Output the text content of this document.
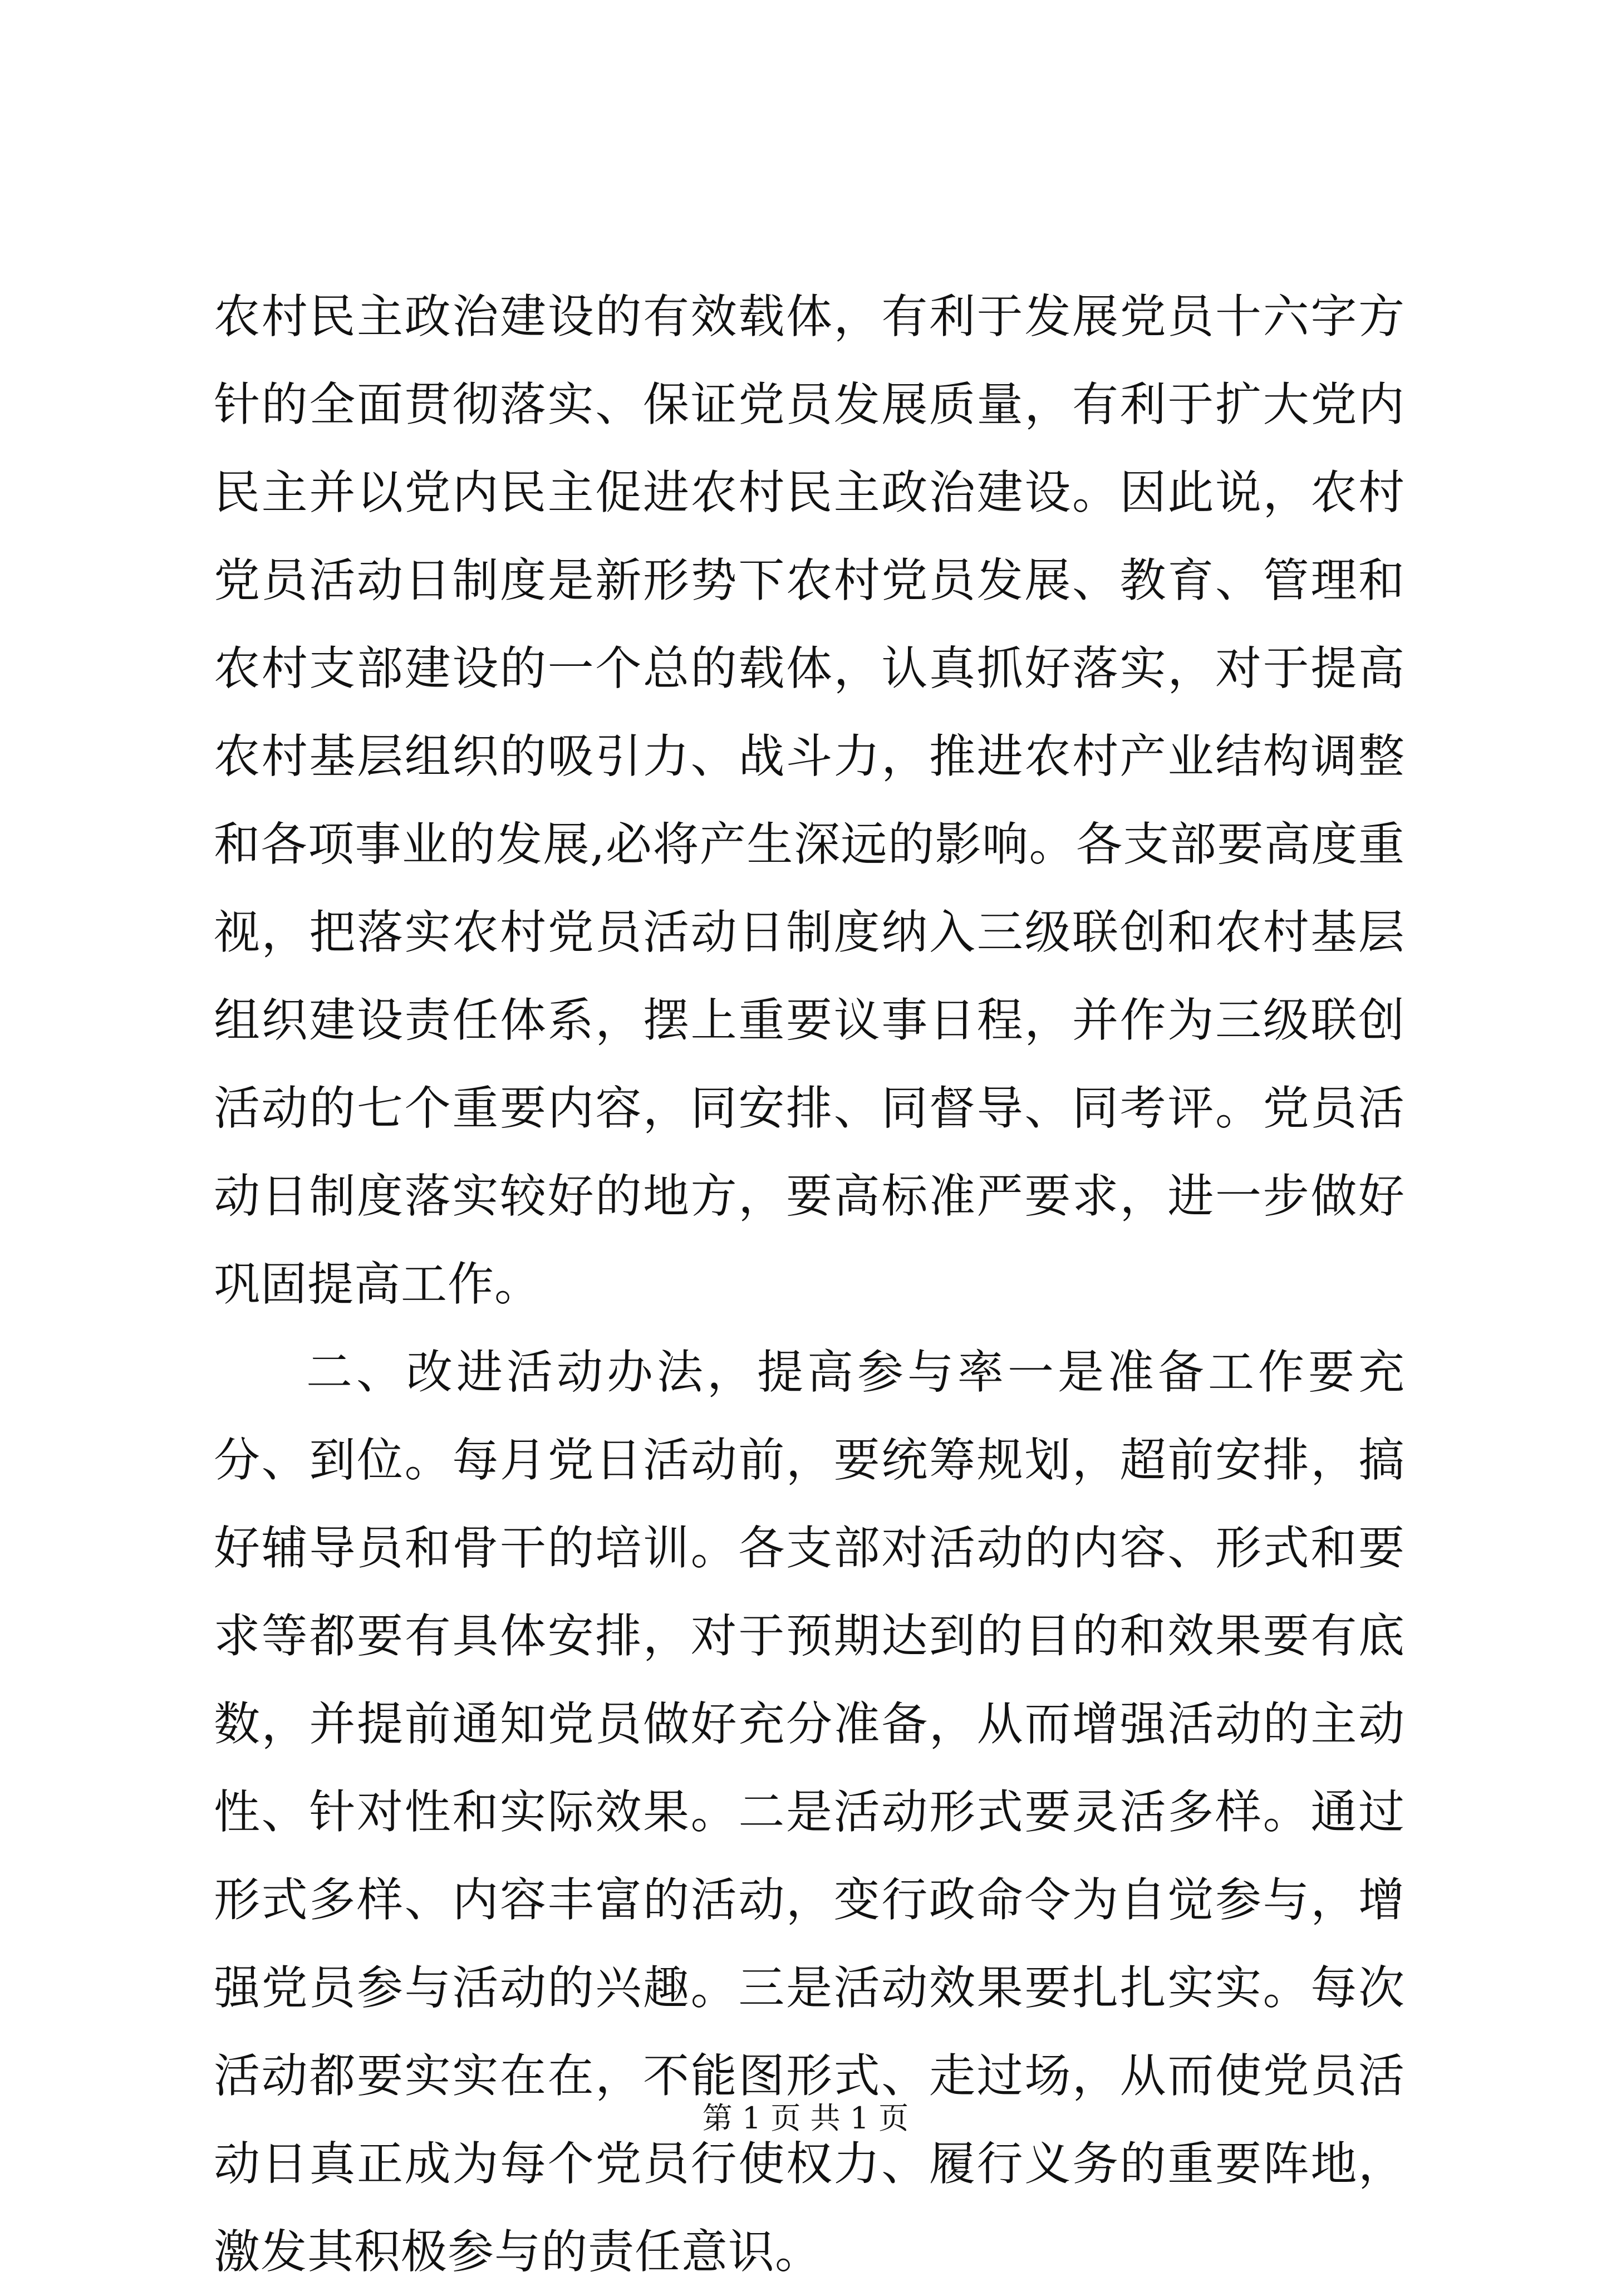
农村民主政治建设的有效载体，有利于发展党员十六字方针的全面贯彻落实、保证党员发展质量，有利于扩大党内民主并以党内民主促进农村民主政治建设。因此说，农村党员活动日制度是新形势下农村党员发展、教育、管理和农村支部建设的一个总的载体，认真抓好落实，对于提高农村基层组织的吸引力、战斗力，推进农村产业结构调整和各项事业的发展,必将产生深远的影响。各支部要高度重视，把落实农村党员活动日制度纳入三级联创和农村基层组织建设责任体系，摆上重要议事日程，并作为三级联创活动的七个重要内容，同安排、同督导、同考评。党员活动日制度落实较好的地方，要高标准严要求，进一步做好巩固提高工作。

二、改进活动办法，提高参与率一是准备工作要充分、到位。每月党日活动前，要统筹规划，超前安排，搞好辅导员和骨干的培训。各支部对活动的内容、形式和要求等都要有具体安排，对于预期达到的目的和效果要有底数，并提前通知党员做好充分准备，从而增强活动的主动性、针对性和实际效果。二是活动形式要灵活多样。通过形式多样、内容丰富的活动，变行政命令为自觉参与，增强党员参与活动的兴趣。三是活动效果要扎扎实实。每次活动都要实实在在，不能图形式、走过场，从而使党员活动日真正成为每个党员行使权力、履行义务的重要阵地，激发其积极参与的责任意识。

第 1 页 共 1 页
